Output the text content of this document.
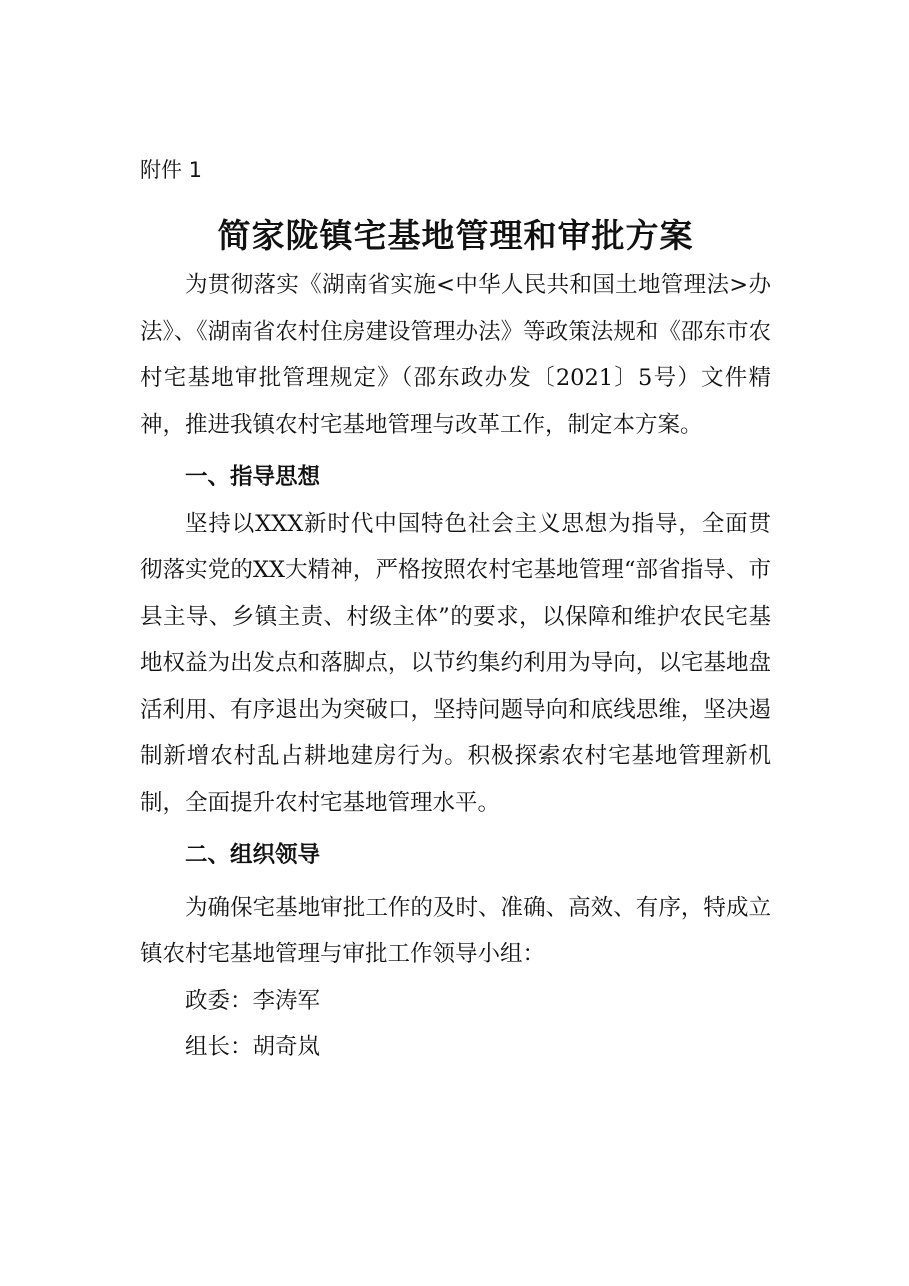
附件 1
简家陇镇宅基地管理和审批方案

为贯彻落实《湖南省实施<中华人民共和国土地管理法>办法》、《湖南省农村住房建设管理办法》等政策法规和《邵东市农村宅基地审批管理规定》（邵东政办发〔2021〕5号）文件精神，推进我镇农村宅基地管理与改革工作，制定本方案。

一、指导思想

坚持以XXX新时代中国特色社会主义思想为指导，全面贯彻落实党的XX大精神，严格按照农村宅基地管理“部省指导、市县主导、乡镇主责、村级主体”的要求，以保障和维护农民宅基地权益为出发点和落脚点，以节约集约利用为导向，以宅基地盘活利用、有序退出为突破口，坚持问题导向和底线思维，坚决遏制新增农村乱占耕地建房行为。积极探索农村宅基地管理新机制，全面提升农村宅基地管理水平。

二、组织领导

为确保宅基地审批工作的及时、准确、高效、有序，特成立镇农村宅基地管理与审批工作领导小组：

政委：李涛军

组长：胡奇岚
